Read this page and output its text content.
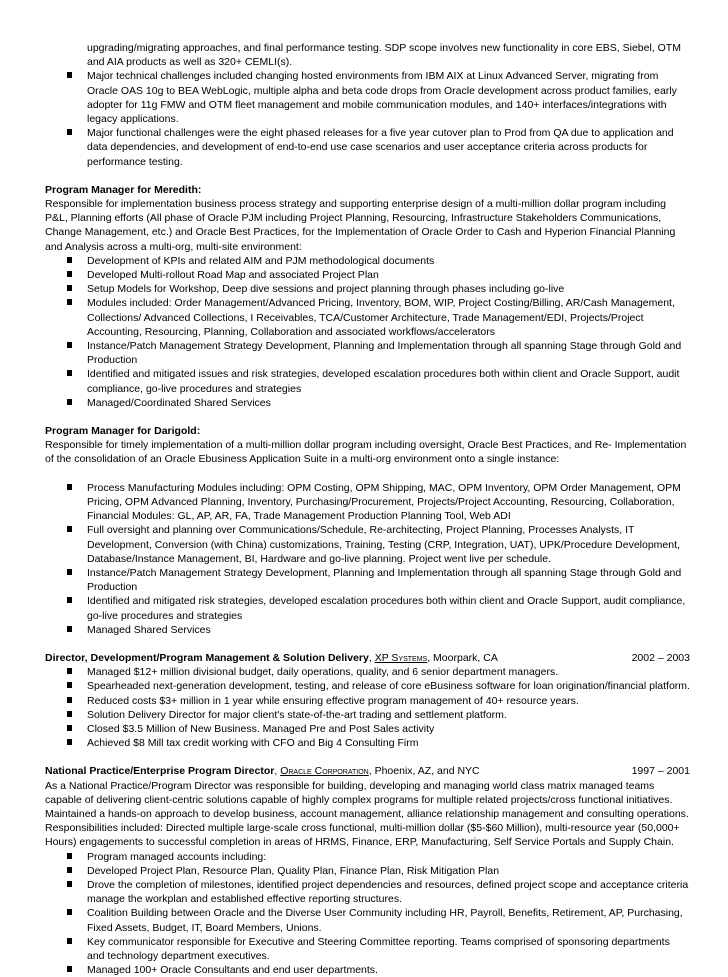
upgrading/migrating approaches, and final performance testing. SDP scope involves new functionality in core EBS, Siebel, OTM and AIA products as well as 320+ CEMLI(s).
Major technical challenges included changing hosted environments from IBM AIX at Linux Advanced Server, migrating from Oracle OAS 10g to BEA WebLogic, multiple alpha and beta code drops from Oracle development across product families, early adopter for 11g FMW and OTM fleet management and mobile communication modules, and 140+ interfaces/integrations with legacy applications.
Major functional challenges were the eight phased releases for a five year cutover plan to Prod from QA due to application and data dependencies, and development of end-to-end use case scenarios and user acceptance criteria across products for performance testing.
Program Manager for Meredith:
Responsible for implementation business process strategy and supporting enterprise design of a multi-million dollar program including P&L, Planning efforts (All phase of Oracle PJM including Project Planning, Resourcing, Infrastructure Stakeholders Communications, Change Management, etc.) and Oracle Best Practices, for the Implementation of Oracle Order to Cash and Hyperion Financial Planning and Analysis across a multi-org, multi-site environment:
Development of KPIs and related AIM and PJM methodological documents
Developed Multi-rollout Road Map and associated Project Plan
Setup Models for Workshop, Deep dive sessions and project planning through phases including go-live
Modules included: Order Management/Advanced Pricing, Inventory, BOM, WIP, Project Costing/Billing, AR/Cash Management, Collections/ Advanced Collections, I Receivables, TCA/Customer Architecture, Trade Management/EDI, Projects/Project Accounting, Resourcing, Planning, Collaboration and associated workflows/accelerators
Instance/Patch Management Strategy Development, Planning and Implementation through all spanning Stage through Gold and Production
Identified and mitigated issues and risk strategies, developed escalation procedures both within client and Oracle Support, audit compliance, go-live procedures and strategies
Managed/Coordinated Shared Services
Program Manager for Darigold:
Responsible for timely implementation of a multi-million dollar program including oversight, Oracle Best Practices, and Re- Implementation of the consolidation of an Oracle Ebusiness Application Suite in a multi-org environment onto a single instance:
Process Manufacturing Modules including: OPM Costing, OPM Shipping, MAC, OPM Inventory, OPM Order Management, OPM Pricing, OPM Advanced Planning, Inventory, Purchasing/Procurement, Projects/Project Accounting, Resourcing, Collaboration, Financial Modules: GL, AP, AR, FA, Trade Management Production Planning Tool, Web ADI
Full oversight and planning over Communications/Schedule, Re-architecting, Project Planning, Processes Analysts, IT Development, Conversion (with China) customizations, Training, Testing (CRP, Integration, UAT), UPK/Procedure Development, Database/Instance Management, BI, Hardware and go-live planning. Project went live per schedule.
Instance/Patch Management Strategy Development, Planning and Implementation through all spanning Stage through Gold and Production
Identified and mitigated risk strategies, developed escalation procedures both within client and Oracle Support, audit compliance, go-live procedures and strategies
Managed Shared Services
Director, Development/Program Management & Solution Delivery, XP Systems, Moorpark, CA	2002 – 2003
Managed $12+ million divisional budget, daily operations, quality, and 6 senior department managers.
Spearheaded next-generation development, testing, and release of core eBusiness software for loan origination/financial platform.
Reduced costs $3+ million in 1 year while ensuring effective program management of 40+ resource years.
Solution Delivery Director for major client's state-of-the-art trading and settlement platform.
Closed $3.5 Million of New Business. Managed Pre and Post Sales activity
Achieved $8 Mill tax credit working with CFO and Big 4 Consulting Firm
National Practice/Enterprise Program Director, Oracle Corporation, Phoenix, AZ, and NYC	1997 – 2001
As a National Practice/Program Director was responsible for building, developing and managing world class matrix managed teams capable of delivering client-centric solutions capable of highly complex programs for multiple related projects/cross functional initiatives. Maintained a hands-on approach to develop business, account management, alliance relationship management and consulting operations. Responsibilities included: Directed multiple large-scale cross functional, multi-million dollar ($5-$60 Million), multi-resource year (50,000+ Hours) engagements to successful completion in areas of HRMS, Finance, ERP, Manufacturing, Self Service Portals and Supply Chain.
Program managed accounts including:
Developed Project Plan, Resource Plan, Quality Plan, Finance Plan, Risk Mitigation Plan
Drove the completion of milestones, identified project dependencies and resources, defined project scope and acceptance criteria manage the workplan and established effective reporting structures.
Coalition Building between Oracle and the Diverse User Community including HR, Payroll, Benefits, Retirement, AP, Purchasing, Fixed Assets, Budget, IT, Board Members, Unions.
Key communicator responsible for Executive and Steering Committee reporting. Teams comprised of sponsoring departments and technology department executives.
Managed 100+ Oracle Consultants and end user departments.
